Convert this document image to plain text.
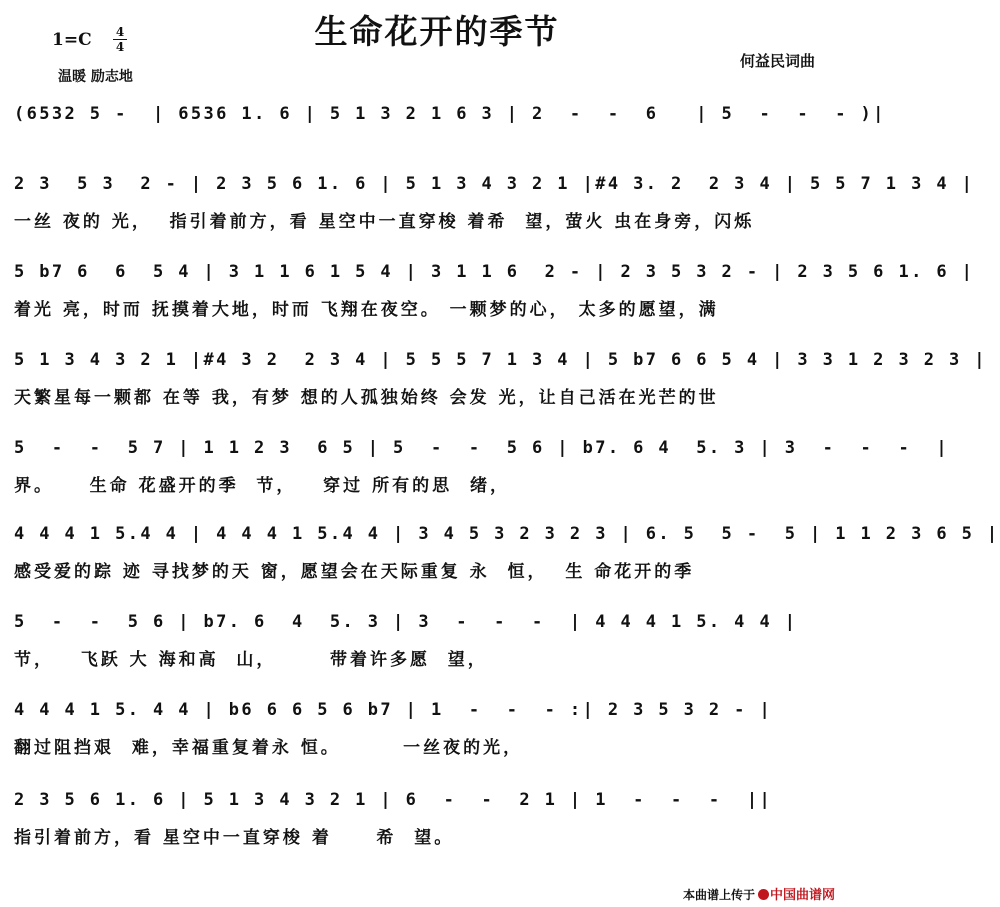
生命花开的季节
1=C 4
4
温暖 励志地
何益民词曲
(6532 5 -  | 6536 1. 6 | 5 1 3 2 1 6 3 | 2  -  -  6   | 5  -  -  - )|
2 3  5 3  2 - | 2 3 5 6 1. 6 | 5 1 3 4 3 2 1 |#4 3. 2  2 3 4 | 5 5 7 1 3 4 |
一丝 夜的 光，  指引着前方，看 星空中一直穿梭 着希  望，萤火 虫在身旁，闪烁
5 b7 6  6  5 4 | 3 1 1 6 1 5 4 | 3 1 1 6  2 - | 2 3 5 3 2 - | 2 3 5 6 1. 6 |
着光 亮，时而 抚摸着大地，时而 飞翔在夜空。 一颗梦的心， 太多的愿望，满
5 1 3 4 3 2 1 |#4 3 2  2 3 4 | 5 5 5 7 1 3 4 | 5 b7 6 6 5 4 | 3 3 1 2 3 2 3 |
天繁星每一颗都 在等 我，有梦 想的人孤独始终 会发 光，让自己活在光芒的世
5  -  -  5 7 | 1 1 2 3  6 5 | 5  -  -  5 6 | b7. 6 4  5. 3 | 3  -  -  -  |
界。    生命 花盛开的季  节，   穿过 所有的思  绪，
4 4 4 1 5.4 4 | 4 4 4 1 5.4 4 | 3 4 5 3 2 3 2 3 | 6. 5  5 -  5 | 1 1 2 3 6 5 |
感受爱的踪 迹 寻找梦的天 窗，愿望会在天际重复 永  恒，  生 命花开的季
5  -  -  5 6 | b7. 6  4  5. 3 | 3  -  -  -  | 4 4 4 1 5. 4 4 |
节，   飞跃 大 海和高  山，      带着许多愿  望，
4 4 4 1 5. 4 4 | b6 6 6 5 6 b7 | 1  -  -  - :| 2 3 5 3 2 - |
翻过阻挡艰  难，幸福重复着永 恒。       一丝夜的光，
2 3 5 6 1. 6 | 5 1 3 4 3 2 1 | 6  -  -  2 1 | 1  -  -  -  ||
指引着前方，看 星空中一直穿梭 着     希  望。
本曲谱上传于 中国曲谱网
